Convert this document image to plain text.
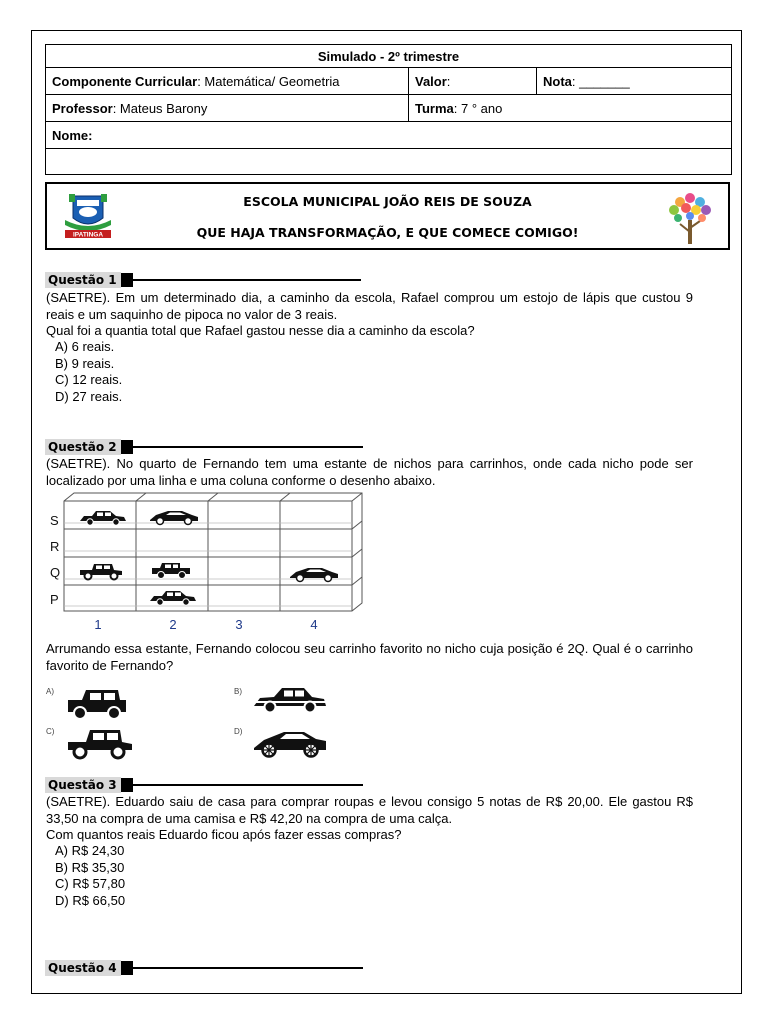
Simulado - 2º trimestre		
Componente Curricular: Matemática/ Geometria	Valor:	Nota: _______
Professor: Mateus Barony	Turma: 7 ° ano	
Nome:		

IPATINGA
ESCOLA MUNICIPAL JOÃO REIS DE SOUZA
QUE HAJA TRANSFORMAÇÃO, E QUE COMECE COMIGO!
Questão 1
(SAETRE). Em um determinado dia, a caminho da escola, Rafael comprou um estojo de lápis que custou 9 reais e um saquinho de pipoca no valor de 3 reais.
Qual foi a quantia total que Rafael gastou nesse dia a caminho da escola?
A) 6 reais.
B) 9 reais.
C) 12 reais.
D) 27 reais.
Questão 2
(SAETRE). No quarto de Fernando tem uma estante de nichos para carrinhos, onde cada nicho pode ser localizado por uma linha e uma coluna conforme o desenho abaixo.
S
R
Q
P
1	2	3	4
Arrumando essa estante, Fernando colocou seu carrinho favorito no nicho cuja posição é 2Q. Qual é o carrinho favorito de Fernando?
A)	B)
C)	D)
Questão 3
(SAETRE). Eduardo saiu de casa para comprar roupas e levou consigo 5 notas de R$ 20,00. Ele gastou R$ 33,50 na compra de uma camisa e R$ 42,20 na compra de uma calça.
Com quantos reais Eduardo ficou após fazer essas compras?
A) R$ 24,30
B) R$ 35,30
C) R$ 57,80
D) R$ 66,50
Questão 4
